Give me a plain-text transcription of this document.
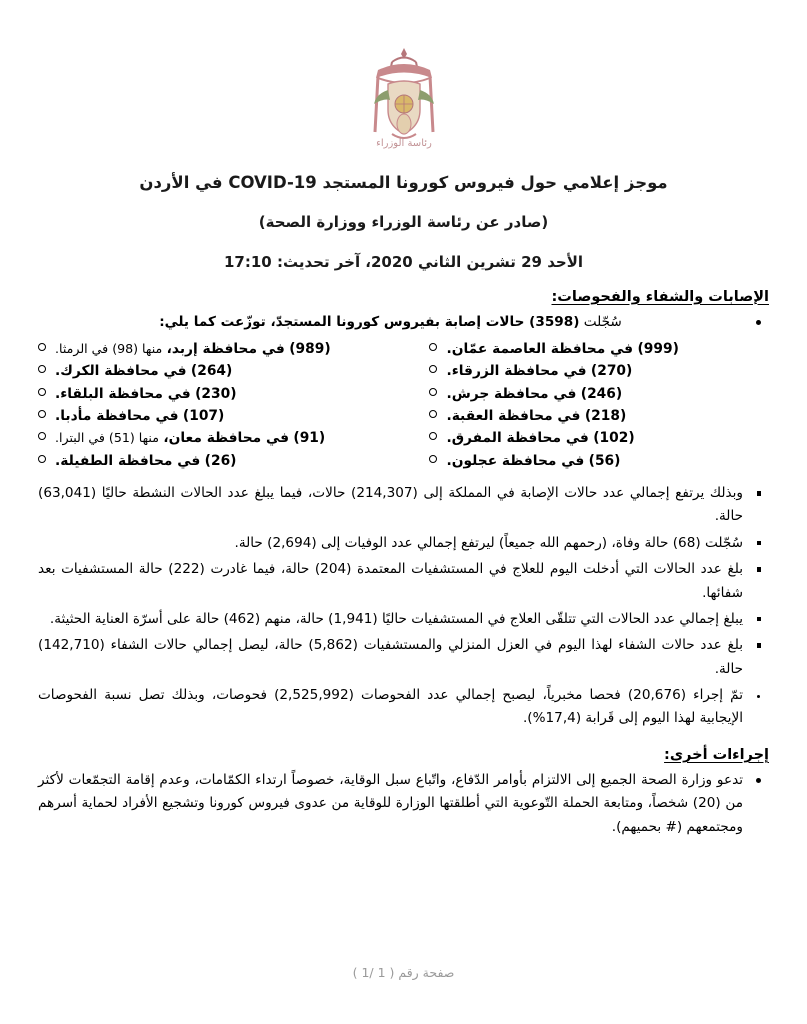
رئاسة الوزراء
موجز إعلامي حول فيروس كورونا المستجد COVID-19 في الأردن
(صادر عن رئاسة الوزراء ووزارة الصحة)
الأحد 29 تشرين الثاني 2020، آخر تحديث: 17:10
الإصابات والشفاء والفحوصات:
سُجّلت (3598) حالات إصابة بفيروس كورونا المستجدّ، توزّعت كما يلي:
(999) في محافظة العاصمة عمّان.
(270) في محافظة الزرقاء.
(246) في محافظة جرش.
(218) في محافظة العقبة.
(102) في محافظة المفرق.
(56) في محافظة عجلون.
(989) في محافظة إربد، منها (98) في الرمثا.
(264) في محافظة الكرك.
(230) في محافظة البلقاء.
(107) في محافظة مأدبا.
(91) في محافظة معان، منها (51) في البترا.
(26) في محافظة الطفيلة.
وبذلك يرتفع إجمالي عدد حالات الإصابة في المملكة إلى (214,307) حالات، فيما يبلغ عدد الحالات النشطة حاليًا (63,041) حالة.
سُجّلت (68) حالة وفاة، (رحمهم الله جميعاً) ليرتفع إجمالي عدد الوفيات إلى (2,694) حالة.
بلغ عدد الحالات التي أدخلت اليوم للعلاج في المستشفيات المعتمدة (204) حالة، فيما غادرت (222) حالة المستشفيات بعد شفائها.
يبلغ إجمالي عدد الحالات التي تتلقّى العلاج في المستشفيات حاليًا (1,941) حالة، منهم (462) حالة على أسرّة العناية الحثيثة.
بلغ عدد حالات الشفاء لهذا اليوم في العزل المنزلي والمستشفيات (5,862) حالة، ليصل إجمالي حالات الشفاء (142,710) حالة.
تمّ إجراء (20,676) فحصا مخبرياً، ليصبح إجمالي عدد الفحوصات (2,525,992) فحوصات، وبذلك تصل نسبة الفحوصات الإيجابية لهذا اليوم إلى قَرابة (17,4%).
إجراءات أخرى:
تدعو وزارة الصحة الجميع إلى الالتزام بأوامر الدّفاع، واتّباع سبل الوقاية، خصوصاً ارتداء الكمّامات، وعدم إقامة التجمّعات لأكثر من (20) شخصاً، ومتابعة الحملة التّوعوية التي أطلقتها الوزارة للوقاية من عدوى فيروس كورونا وتشجيع الأفراد لحماية أسرهم ومجتمعهم (# بحميهم).
صفحة رقم ( 1 /1 )
